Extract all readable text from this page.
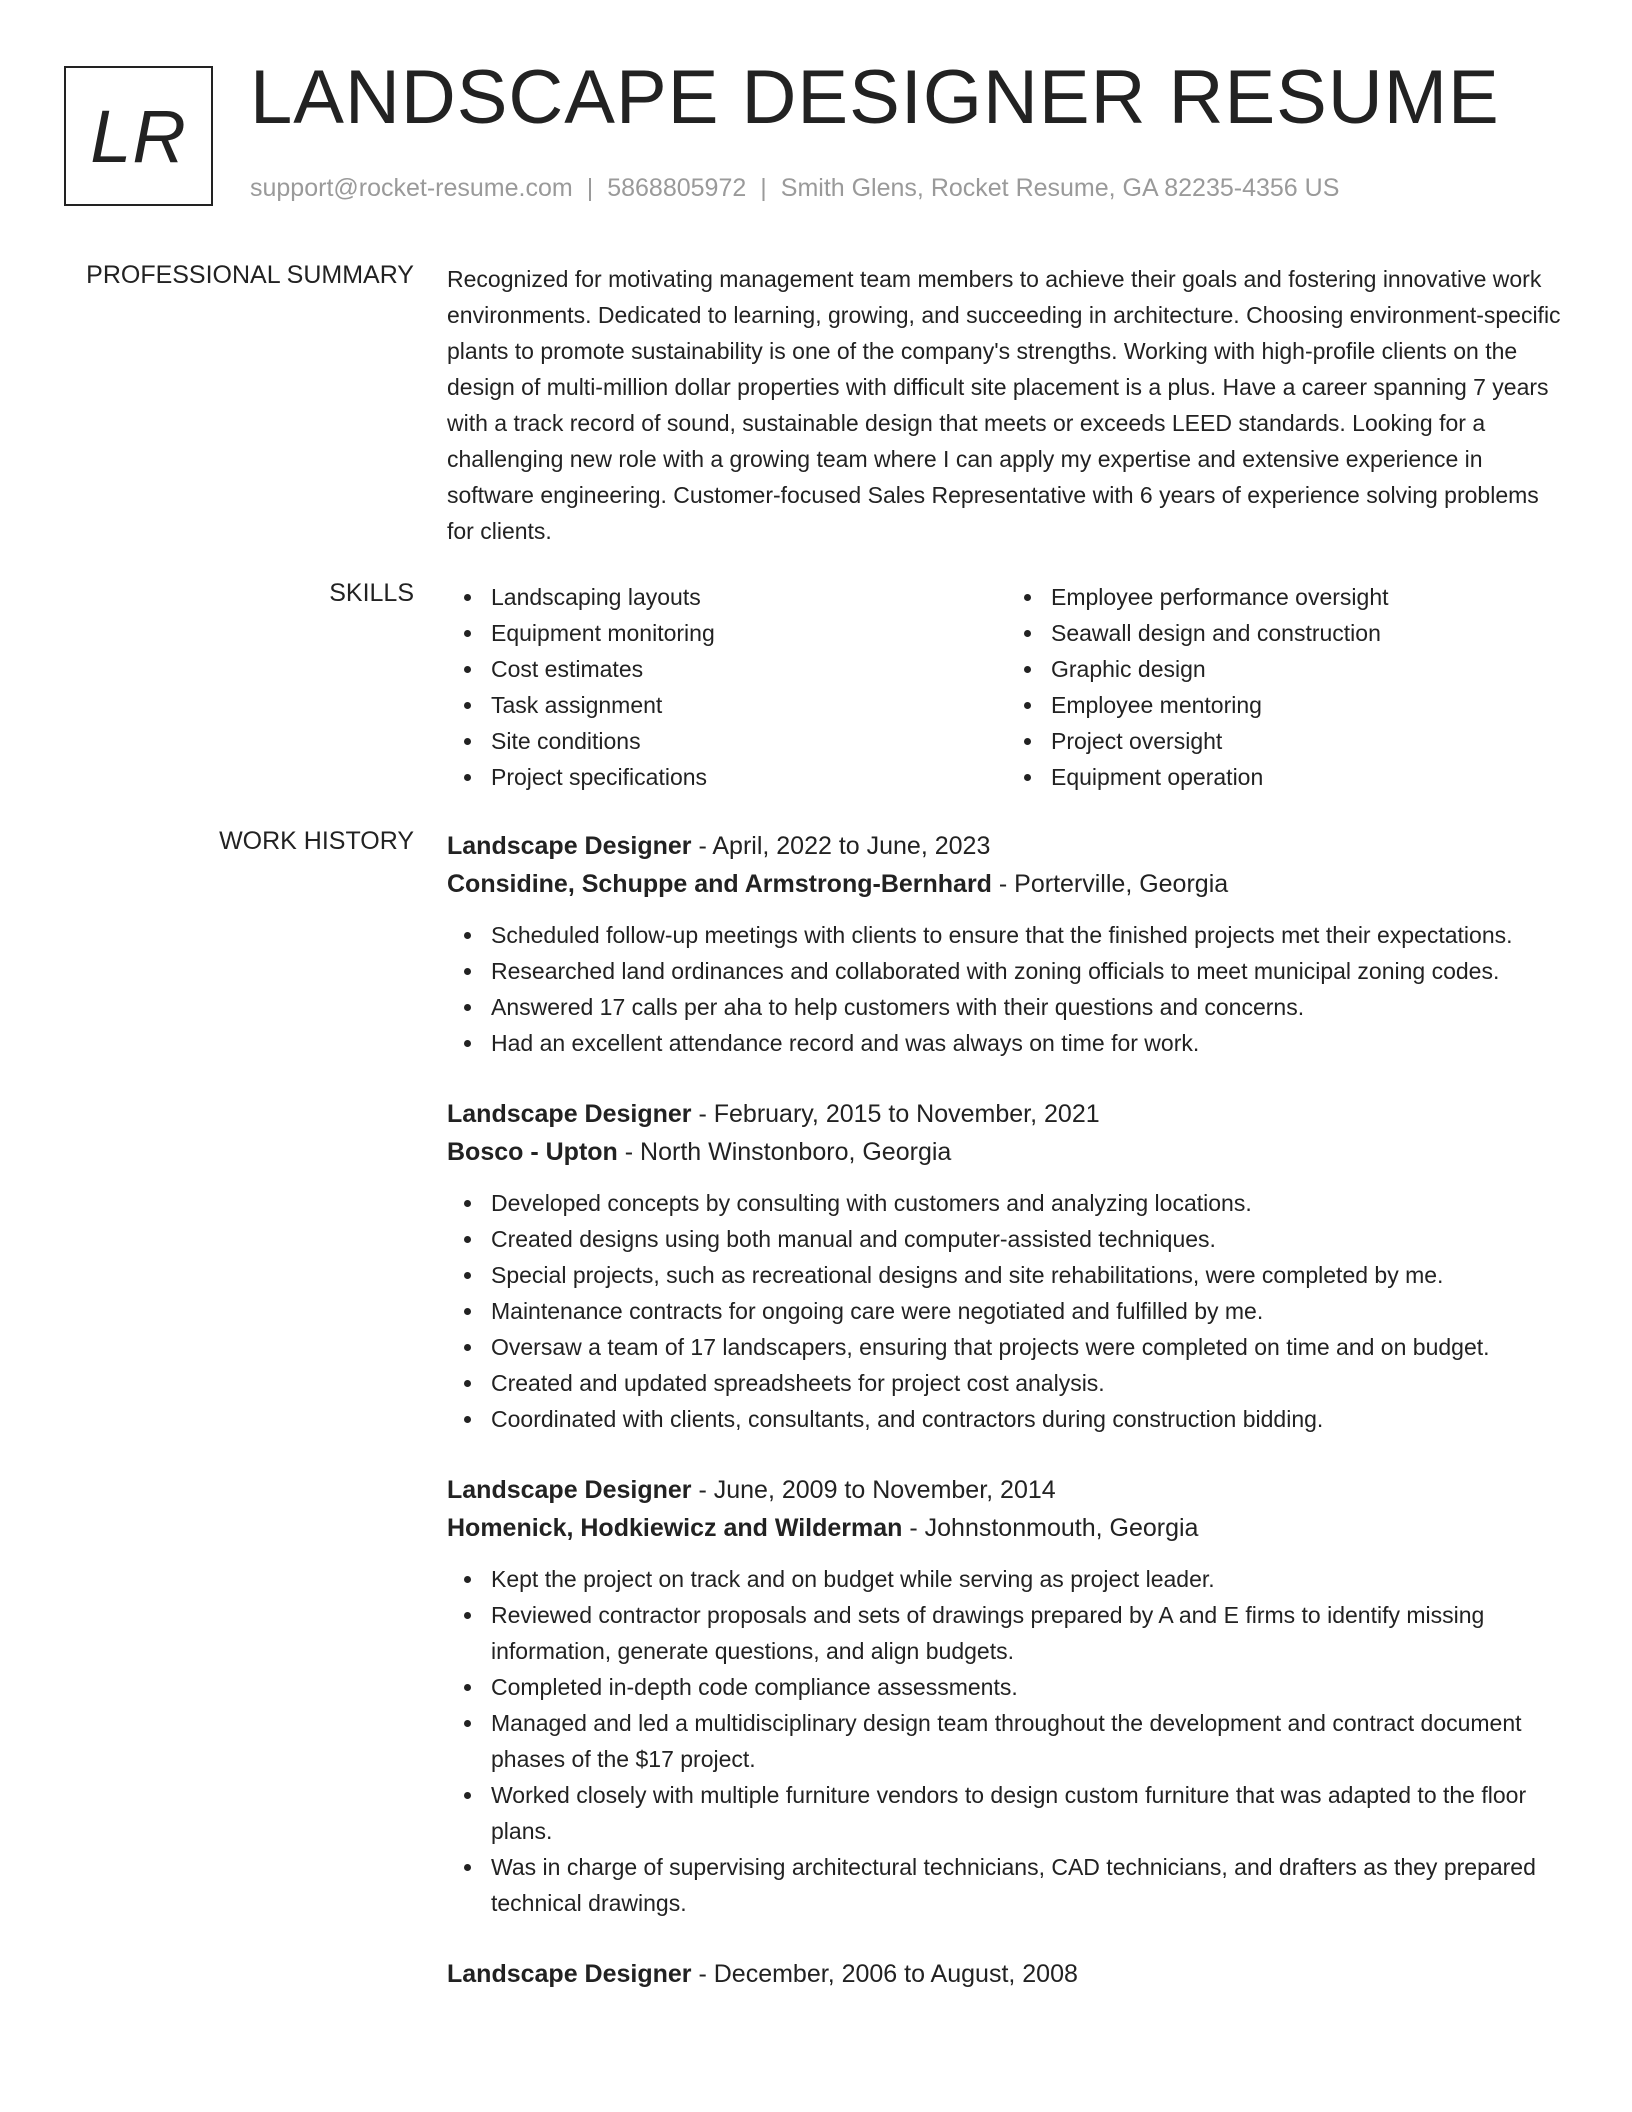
LR LANDSCAPE DESIGNER RESUME
support@rocket-resume.com | 5868805972 | Smith Glens, Rocket Resume, GA 82235-4356 US
PROFESSIONAL SUMMARY Recognized for motivating management team members to achieve their goals and fostering innovative work environments. Dedicated to learning, growing, and succeeding in architecture. Choosing environment-specific plants to promote sustainability is one of the company's strengths. Working with high-profile clients on the design of multi-million dollar properties with difficult site placement is a plus. Have a career spanning 7 years with a track record of sound, sustainable design that meets or exceeds LEED standards. Looking for a challenging new role with a growing team where I can apply my expertise and extensive experience in software engineering. Customer-focused Sales Representative with 6 years of experience solving problems for clients.
SKILLS	Landscaping layouts
Equipment monitoring
Cost estimates
Task assignment
Site conditions
Project specifications
Employee performance oversight
Seawall design and construction
Graphic design
Employee mentoring
Project oversight
Equipment operation
WORK HISTORY Landscape Designer - April, 2022 to June, 2023
Considine, Schuppe and Armstrong-Bernhard - Porterville, Georgia
Scheduled follow-up meetings with clients to ensure that the finished projects met their expectations.
Researched land ordinances and collaborated with zoning officials to meet municipal zoning codes.
Answered 17 calls per aha to help customers with their questions and concerns.
Had an excellent attendance record and was always on time for work.
Landscape Designer - February, 2015 to November, 2021
Bosco - Upton - North Winstonboro, Georgia
Developed concepts by consulting with customers and analyzing locations.
Created designs using both manual and computer-assisted techniques.
Special projects, such as recreational designs and site rehabilitations, were completed by me.
Maintenance contracts for ongoing care were negotiated and fulfilled by me.
Oversaw a team of 17 landscapers, ensuring that projects were completed on time and on budget.
Created and updated spreadsheets for project cost analysis.
Coordinated with clients, consultants, and contractors during construction bidding.
Landscape Designer - June, 2009 to November, 2014
Homenick, Hodkiewicz and Wilderman - Johnstonmouth, Georgia
Kept the project on track and on budget while serving as project leader.
Reviewed contractor proposals and sets of drawings prepared by A and E firms to identify missing information, generate questions, and align budgets.
Completed in-depth code compliance assessments.
Managed and led a multidisciplinary design team throughout the development and contract document phases of the $17 project.
Worked closely with multiple furniture vendors to design custom furniture that was adapted to the floor plans.
Was in charge of supervising architectural technicians, CAD technicians, and drafters as they prepared technical drawings.
Landscape Designer - December, 2006 to August, 2008
